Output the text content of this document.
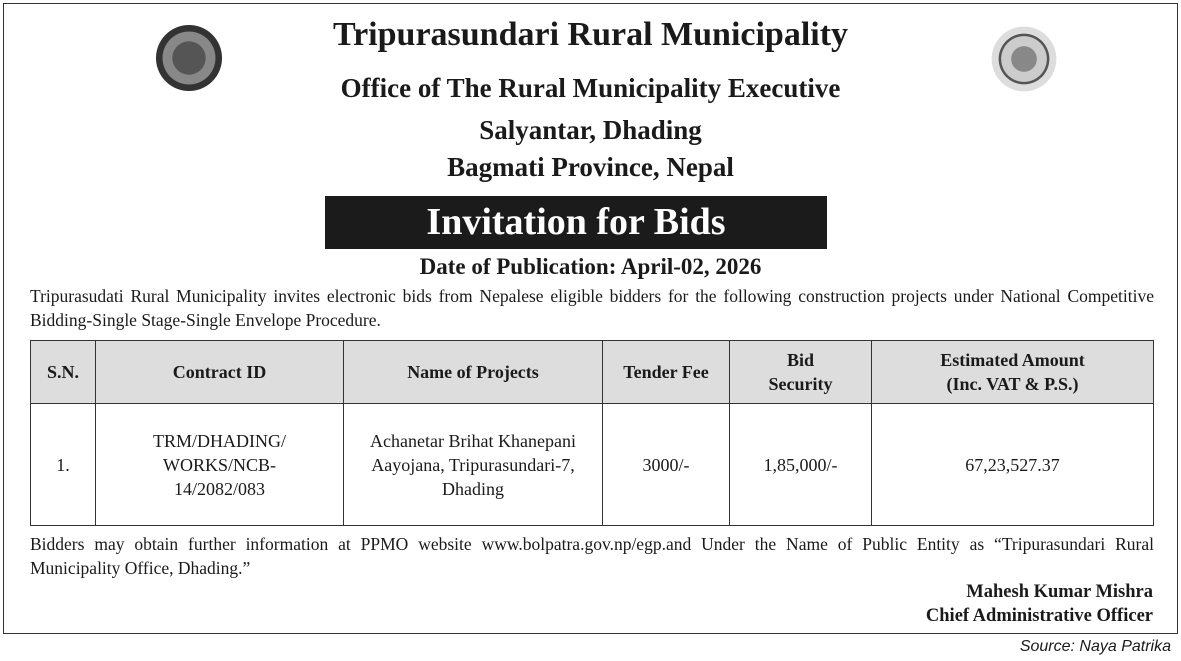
Tripurasundari Rural Municipality
Office of The Rural Municipality Executive
Salyantar, Dhading
Bagmati Province, Nepal
Invitation for Bids
Date of Publication: April-02, 2026
Tripurasudati Rural Municipality invites electronic bids from Nepalese eligible bidders for the following construction projects under National Competitive Bidding-Single Stage-Single Envelope Procedure.
S.N.	Contract ID	Name of Projects	Tender Fee	Bid Security	Estimated Amount (Inc. VAT & P.S.)
1.	TRM/DHADING/ WORKS/NCB- 14/2082/083	Achanetar Brihat Khanepani Aayojana, Tripurasundari-7, Dhading	3000/-	1,85,000/-	67,23,527.37
Bidders may obtain further information at PPMO website www.bolpatra.gov.np/egp.and Under the Name of Public Entity as “Tripurasundari Rural Municipality Office, Dhading.”
Mahesh Kumar Mishra
Chief Administrative Officer
Source: Naya Patrika
